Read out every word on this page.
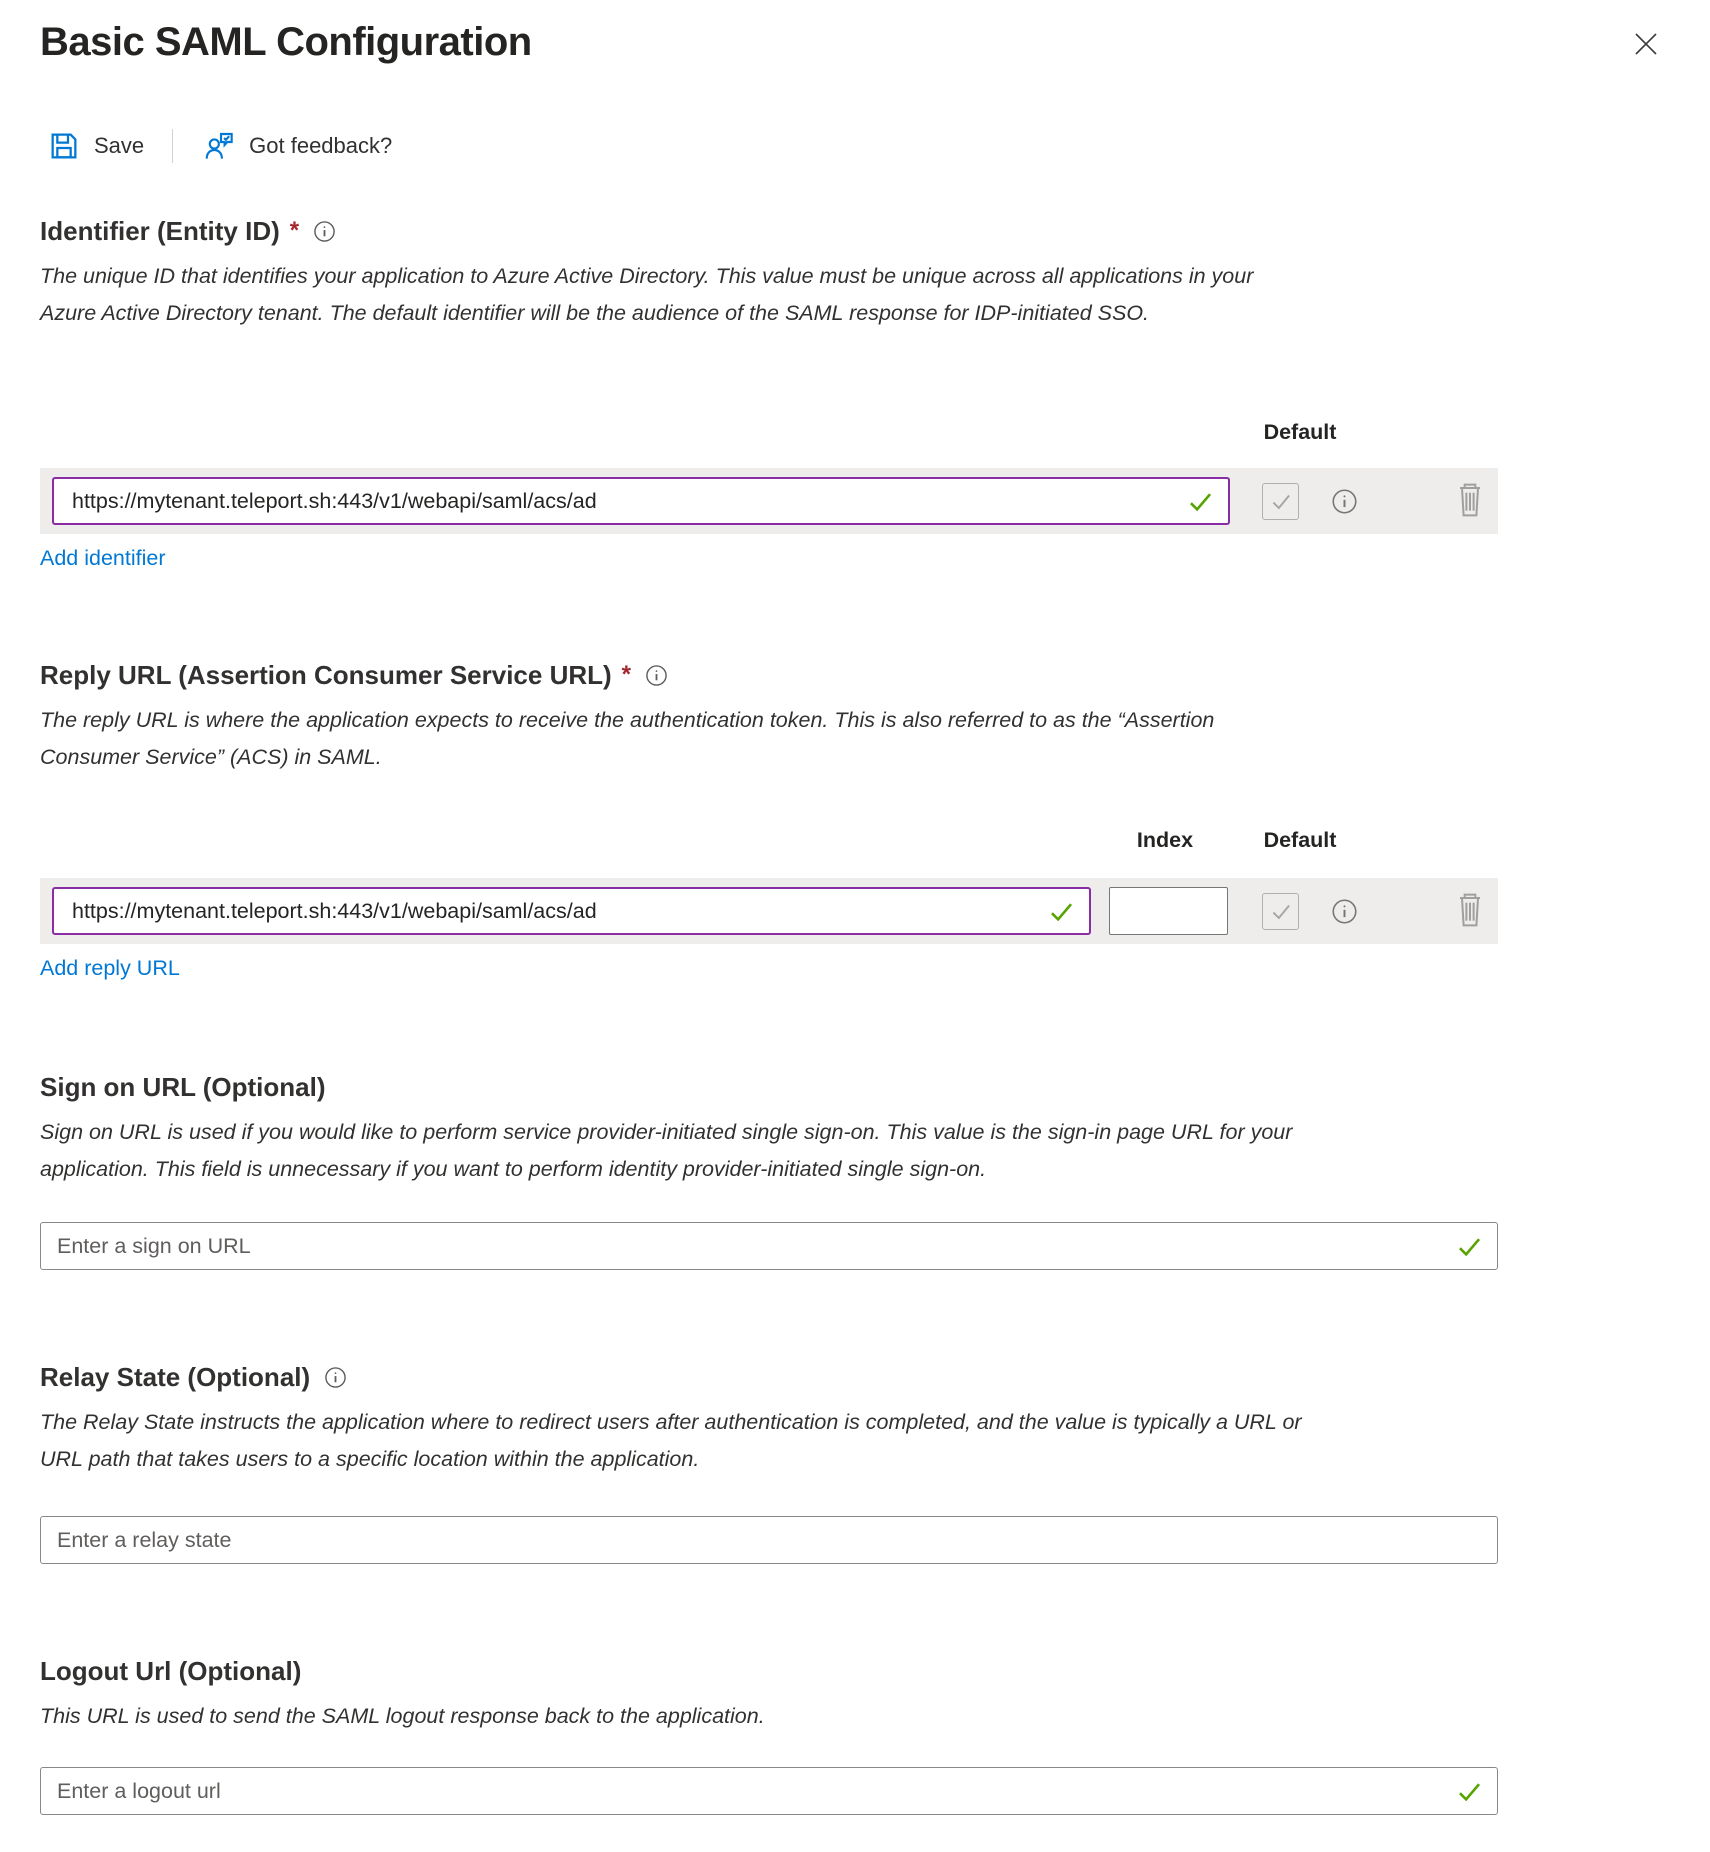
Basic SAML Configuration
Save	Got feedback?
Identifier (Entity ID) *

The unique ID that identifies your application to Azure Active Directory. This value must be unique across all applications in your Azure Active Directory tenant. The default identifier will be the audience of the SAML response for IDP-initiated SSO.

Default
https://mytenant.teleport.sh:443/v1/webapi/saml/acs/ad
Add identifier
Reply URL (Assertion Consumer Service URL) *

The reply URL is where the application expects to receive the authentication token. This is also referred to as the “Assertion Consumer Service” (ACS) in SAML.

Index	Default
https://mytenant.teleport.sh:443/v1/webapi/saml/acs/ad
Add reply URL
Sign on URL (Optional)

Sign on URL is used if you would like to perform service provider-initiated single sign-on. This value is the sign-in page URL for your application. This field is unnecessary if you want to perform identity provider-initiated single sign-on.

Enter a sign on URL
Relay State (Optional)

The Relay State instructs the application where to redirect users after authentication is completed, and the value is typically a URL or URL path that takes users to a specific location within the application.

Enter a relay state
Logout Url (Optional)

This URL is used to send the SAML logout response back to the application.

Enter a logout url
